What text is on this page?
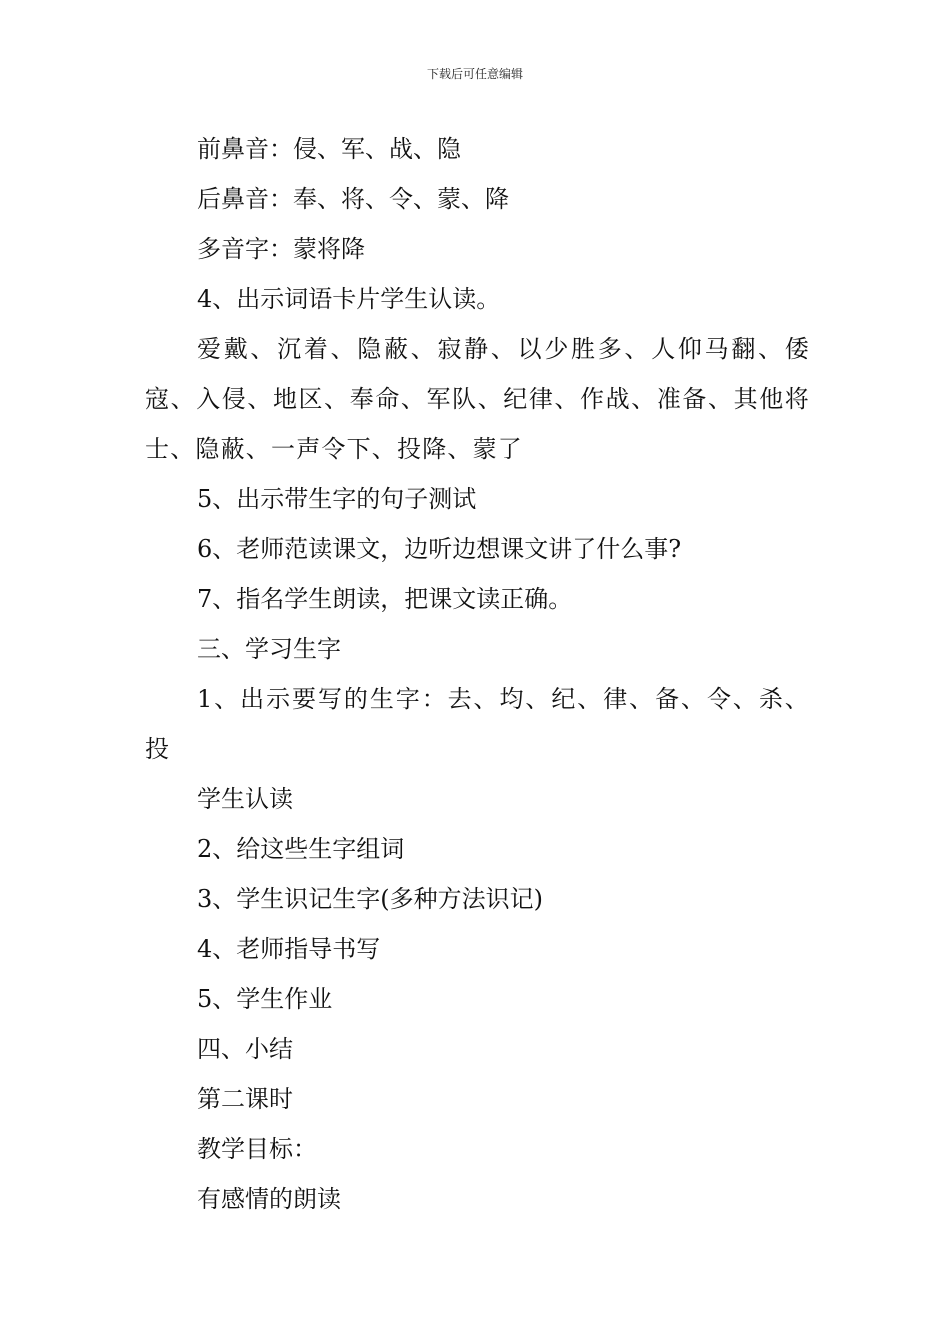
下载后可任意编辑

前鼻音：侵、军、战、隐

后鼻音：奉、将、令、蒙、降

多音字：蒙将降

4、出示词语卡片学生认读。

爱戴、沉着、隐蔽、寂静、以少胜多、人仰马翻、倭寇、入侵、地区、奉命、军队、纪律、作战、准备、其他将士、隐蔽、一声令下、投降、蒙了

5、出示带生字的句子测试

6、老师范读课文，边听边想课文讲了什么事?

7、指名学生朗读，把课文读正确。

三、学习生字

1、出示要写的生字：去、均、纪、律、备、令、杀、投

学生认读

2、给这些生字组词

3、学生识记生字(多种方法识记)

4、老师指导书写

5、学生作业

四、小结

第二课时

教学目标：

有感情的朗读
